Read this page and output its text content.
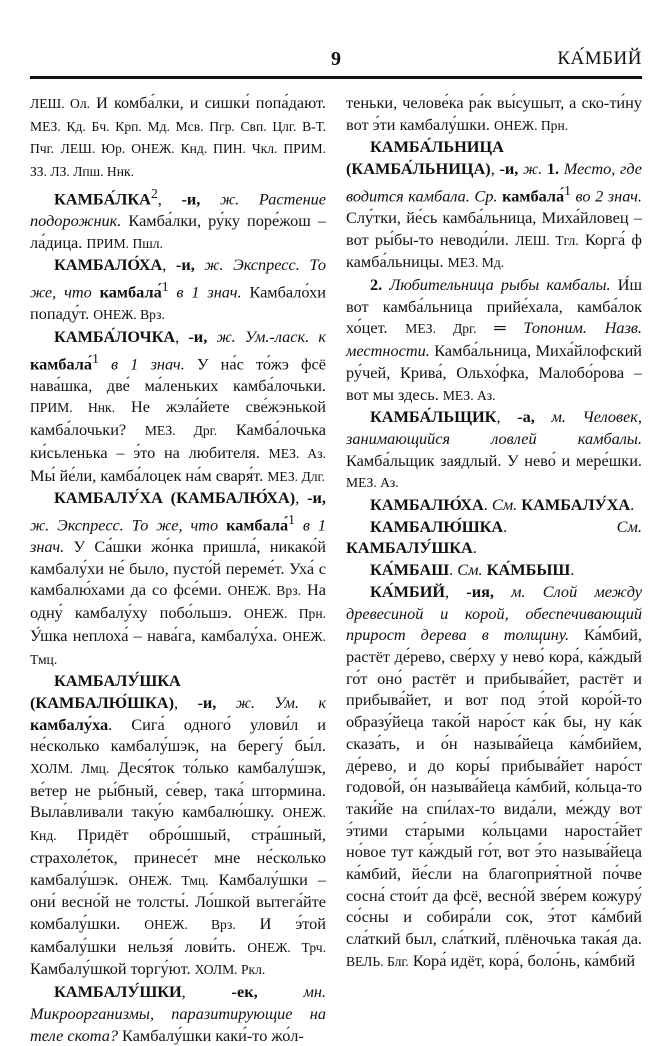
9	КА́МБИЙ

ЛЕШ. Ол. И комба́лки, и сишки́ попа́дают. МЕЗ. Кд. Бч. Крп. Мд. Мсв. Пгр. Свп. Цлг. В-Т. Пчг. ЛЕШ. Юр. ОНЕЖ. Кнд. ПИН. Чкл. ПРИМ. ЗЗ. ЛЗ. Лпш. Ннк.

КАМБА́ЛКА$^2$, -и, ж. Растение подорожник. Камба́лки, ру́ку поре́жош – ла́дица. ПРИМ. Пшл.

КАМБАЛО́ХА, -и, ж. Экспресс. То же, что камбала́$^1$ в 1 знач. Камбало́хи попаду́т. ОНЕЖ. Врз.

КАМБА́ЛОЧКА, -и, ж. Ум.-ласк. к камбала́$^1$ в 1 знач. У на́с то́жэ фсё нава́шка, две́ ма́леньких камба́лочьки. ПРИМ. Ннк. Не жэла́йете све́жэнькой камба́лочьки? МЕЗ. Дрг. Камба́лочька ки́сьленька – э́то на любителя. МЕЗ. Аз. Мы́ йе́ли, камба́лоцек на́м сваря́т. МЕЗ. Длг.

КАМБАЛУ́ХА (КАМБАЛЮ́ХА), -и, ж. Экспресс. То же, что камбала́$^1$ в 1 знач. У Са́шки жо́нка пришла́, никако́й камбалу́хи не́ было, пусто́й переме́т. Уха́ с камбалю́хами да со фсе́ми. ОНЕЖ. Врз. На одну́ камбалу́ху побо́льшэ. ОНЕЖ. Прн. У́шка неплоха́ – нава́га, камбалу́ха. ОНЕЖ. Тмц.

КАМБАЛУ́ШКА (КАМБАЛЮ́ШКА), -и, ж. Ум. к камбалу́ха. Сига́ одного́ улови́л и не́сколько камбалу́шэк, на берегу́ бы́л. ХОЛМ. Лмц. Деся́ток то́лько камбалу́шэк, ве́тер не ры́бный, се́вер, така́ штормина. Выла́вливали таку́ю камбалю́шку. ОНЕЖ. Кнд. Придёт обро́шшый, стра́шный, страхоле́ток, принесе́т мне не́сколько камбалу́шэк. ОНЕЖ. Тмц. Камбалу́шки – они́ весно́й не толсты́. Ло́шкой вытега́йте комбалу́шки. ОНЕЖ. Врз. И э́той камбалу́шки нельзя́ лови́ть. ОНЕЖ. Трч. Камбалу́шкой торгу́ют. ХОЛМ. Ркл.

КАМБАЛУ́ШКИ, -ек,	мн. Микроорганизмы, паразитирующие на теле скота? Камбалу́шки каки́-то жо́л-

теньки, челове́ка ра́к вы́сушыт, а ско-ти́ну вот э́ти камбалу́шки. ОНЕЖ. Прн.

КАМБА́ЛЬНИЦА (КАМБА́ЛЬНИЦА), -и, ж. 1. Место, где водится камбала. Ср. камбала́$^1$ во 2 знач. Слу́тки, йе́сь камба́льница, Миха́йловец – вот ры́бы-то неводи́ли. ЛЕШ. Тгл. Корга́ ф камба́льницы. МЕЗ. Мд.

2. Любительница рыбы камбалы. И́ш вот камба́льница прийе́хала, камба́лок хо́цет. МЕЗ. Дрг. ═ Топоним. Назв. местности. Камба́льница, Миха́йлофский ру́чей, Крива́, Ольхо́фка, Малобо́рова – вот мы здесь. МЕЗ. Аз.

КАМБА́ЛЬЩИК, -а, м. Человек, занимающийся ловлей камбалы. Камба́льщик заядлый. У нево́ и мере́шки. МЕЗ. Аз.

КАМБАЛЮ́ХА. См. КАМБАЛУ́ХА.

КАМБАЛЮ́ШКА. См. КАМБАЛУ́ШКА.

КА́МБАШ. См. КА́МБЫШ.

КА́МБИЙ, -ия, м. Слой между древесиной и корой, обеспечивающий прирост дерева в толщину. Ка́мбий, растёт де́рево, све́рху у нево́ кора́, ка́ждый го́т оно́ растёт и прибыва́йет, растёт и прибыва́йет, и вот под э́той коро́й-то образу́йеца тако́й наро́ст ка́к бы, ну ка́к сказа́ть, и о́н называ́йеца ка́мбийем, де́рево, и до коры́ прибыва́йет наро́ст годово́й, о́н называ́йеца ка́мбий, ко́льца-то таки́йе на спи́лах-то вида́ли, ме́жду вот э́тими ста́рыми ко́льцами нароста́йет но́вое тут ка́ждый го́т, вот э́то называ́йеца ка́мбий, йе́сли на благоприя́тной по́чве сосна́ стои́т да фсё, весно́й зве́рем кожуру́ со́сны и собира́ли сок, э́тот ка́мбий сла́ткий был, сла́ткий, плёночька така́я да. ВЕЛЬ. Блг. Кора́ идёт, кора́, боло́нь, ка́мбий
